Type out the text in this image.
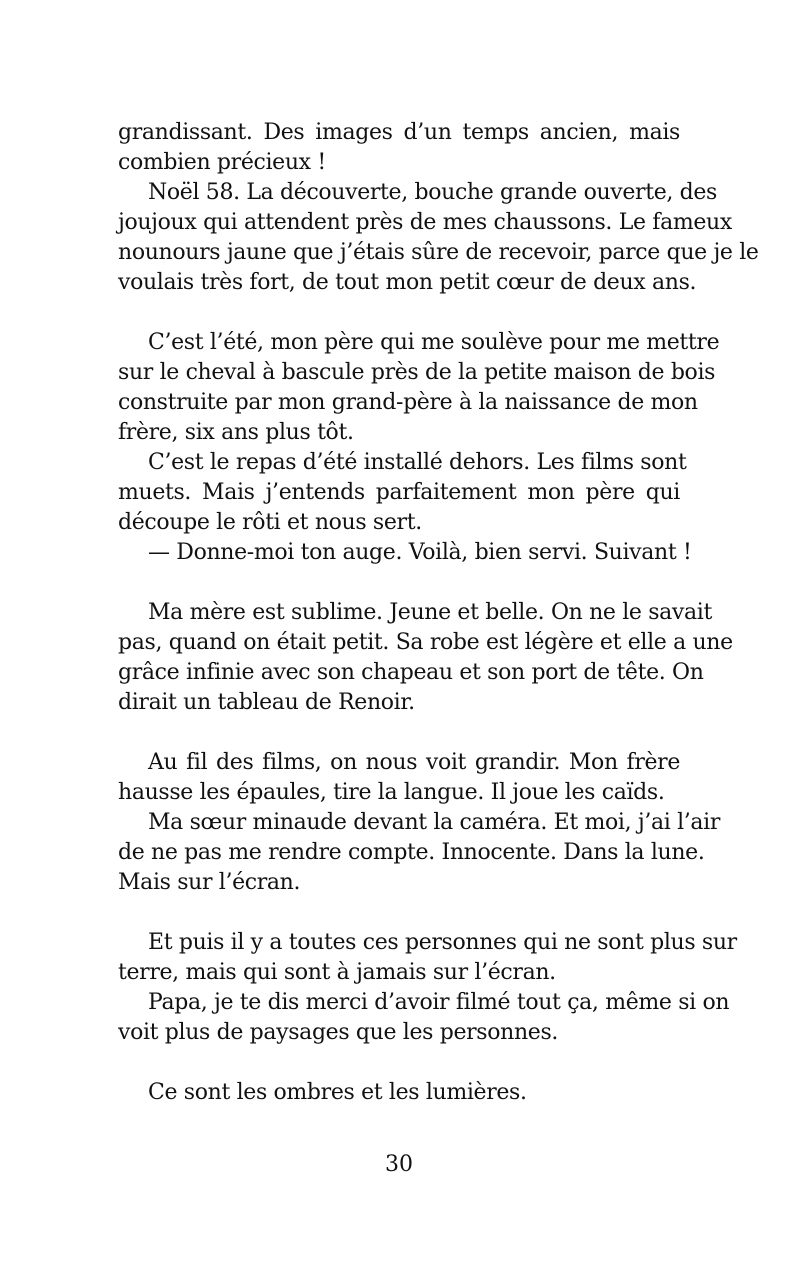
grandissant. Des images d’un temps ancien, mais
combien précieux !
Noël 58. La découverte, bouche grande ouverte, des
joujoux qui attendent près de mes chaussons. Le fameux
nounours jaune que j’étais sûre de recevoir, parce que je le
voulais très fort, de tout mon petit cœur de deux ans.
C’est l’été, mon père qui me soulève pour me mettre
sur le cheval à bascule près de la petite maison de bois
construite par mon grand-père à la naissance de mon
frère, six ans plus tôt.
C’est le repas d’été installé dehors. Les films sont
muets. Mais j’entends parfaitement mon père qui
découpe le rôti et nous sert.
— Donne-moi ton auge. Voilà, bien servi. Suivant !
Ma mère est sublime. Jeune et belle. On ne le savait
pas, quand on était petit. Sa robe est légère et elle a une
grâce infinie avec son chapeau et son port de tête. On
dirait un tableau de Renoir.
Au fil des films, on nous voit grandir. Mon frère
hausse les épaules, tire la langue. Il joue les caïds.
Ma sœur minaude devant la caméra. Et moi, j’ai l’air
de ne pas me rendre compte. Innocente. Dans la lune.
Mais sur l’écran.
Et puis il y a toutes ces personnes qui ne sont plus sur
terre, mais qui sont à jamais sur l’écran.
Papa, je te dis merci d’avoir filmé tout ça, même si on
voit plus de paysages que les personnes.
Ce sont les ombres et les lumières.
30
